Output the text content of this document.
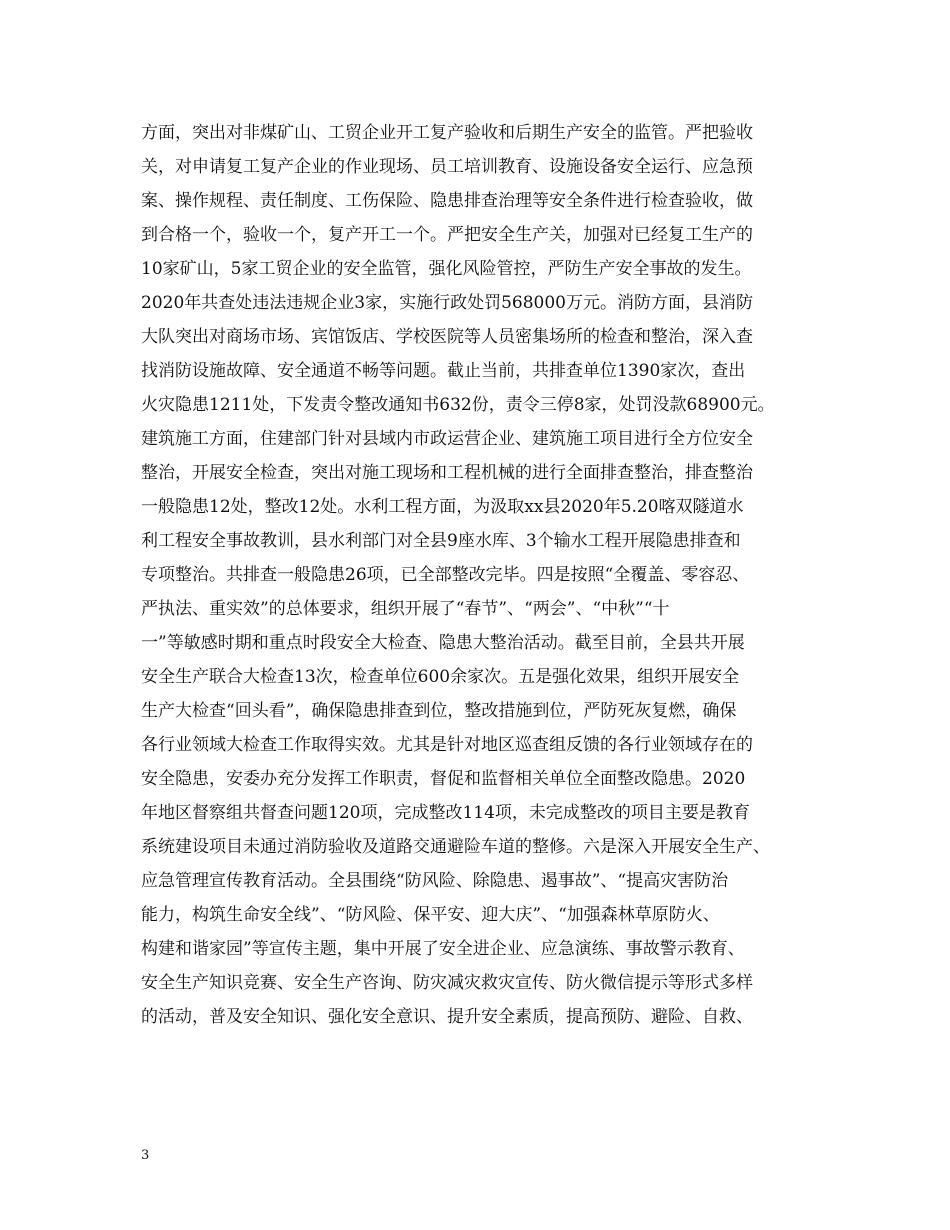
方面，突出对非煤矿山、工贸企业开工复产验收和后期生产安全的监管。严把验收
关，对申请复工复产企业的作业现场、员工培训教育、设施设备安全运行、应急预
案、操作规程、责任制度、工伤保险、隐患排查治理等安全条件进行检查验收，做
到合格一个，验收一个，复产开工一个。严把安全生产关，加强对已经复工生产的
10家矿山，5家工贸企业的安全监管，强化风险管控，严防生产安全事故的发生。
2020年共查处违法违规企业3家，实施行政处罚568000万元。消防方面，县消防
大队突出对商场市场、宾馆饭店、学校医院等人员密集场所的检查和整治，深入查
找消防设施故障、安全通道不畅等问题。截止当前，共排查单位1390家次，查出
火灾隐患1211处，下发责令整改通知书632份，责令三停8家，处罚没款68900元。
建筑施工方面，住建部门针对县域内市政运营企业、建筑施工项目进行全方位安全
整治，开展安全检查，突出对施工现场和工程机械的进行全面排查整治，排查整治
一般隐患12处，整改12处。水利工程方面，为汲取xx县2020年5.20喀双隧道水
利工程安全事故教训，县水利部门对全县9座水库、3个输水工程开展隐患排查和
专项整治。共排查一般隐患26项，已全部整改完毕。四是按照“全覆盖、零容忍、
严执法、重实效”的总体要求，组织开展了“春节”、“两会”、“中秋”“十
一”等敏感时期和重点时段安全大检查、隐患大整治活动。截至目前，全县共开展
安全生产联合大检查13次，检查单位600余家次。五是强化效果，组织开展安全
生产大检查“回头看”，确保隐患排查到位，整改措施到位，严防死灰复燃，确保
各行业领域大检查工作取得实效。尤其是针对地区巡查组反馈的各行业领域存在的
安全隐患，安委办充分发挥工作职责，督促和监督相关单位全面整改隐患。2020
年地区督察组共督查问题120项，完成整改114项，未完成整改的项目主要是教育
系统建设项目未通过消防验收及道路交通避险车道的整修。六是深入开展安全生产、
应急管理宣传教育活动。全县围绕“防风险、除隐患、遏事故”、“提高灾害防治
能力，构筑生命安全线”、“防风险、保平安、迎大庆”、“加强森林草原防火、
构建和谐家园”等宣传主题，集中开展了安全进企业、应急演练、事故警示教育、
安全生产知识竞赛、安全生产咨询、防灾减灾救灾宣传、防火微信提示等形式多样
的活动，普及安全知识、强化安全意识、提升安全素质，提高预防、避险、自救、
3
